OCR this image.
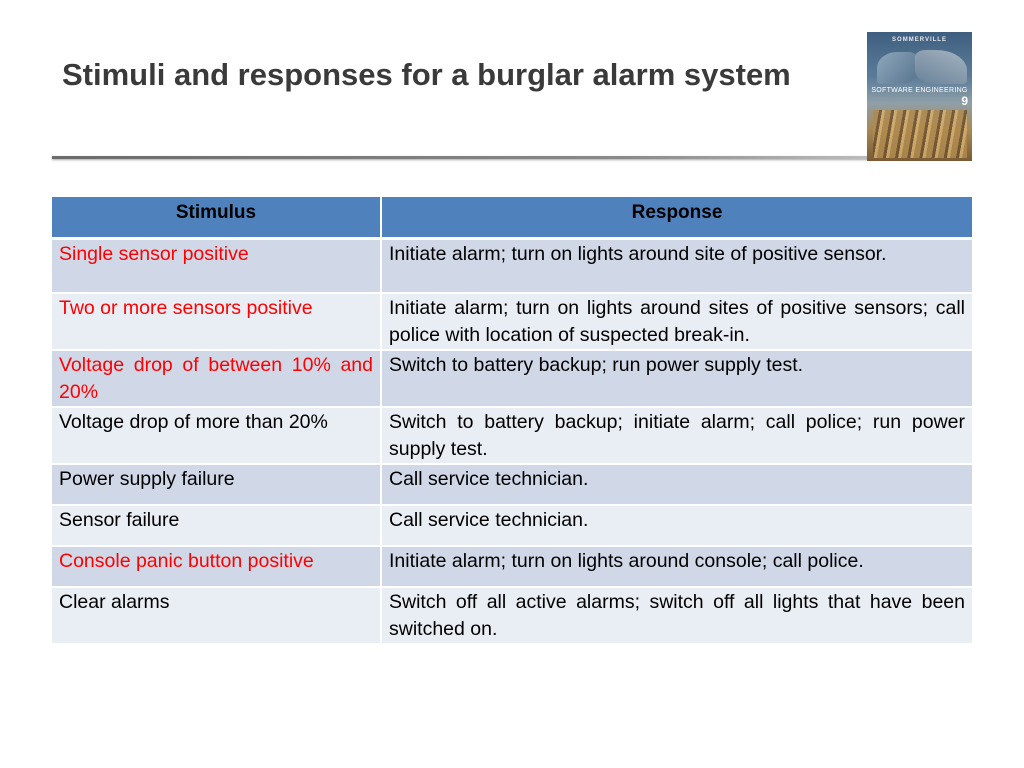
Stimuli and responses for a burglar alarm system
SOMMERVILLE
SOFTWARE ENGINEERING
9
Stimulus	Response
Single sensor positive	Initiate alarm; turn on lights around site of positive sensor.
Two or more sensors positive	Initiate alarm; turn on lights around sites of positive sensors; call police with location of suspected break-in.
Voltage drop of between 10% and 20%	Switch to battery backup; run power supply test.
Voltage drop of more than 20%	Switch to battery backup; initiate alarm; call police; run power supply test.
Power supply failure	Call service technician.
Sensor failure	Call service technician.
Console panic button positive	Initiate alarm; turn on lights around console; call police.
Clear alarms	Switch off all active alarms; switch off all lights that have been switched on.
